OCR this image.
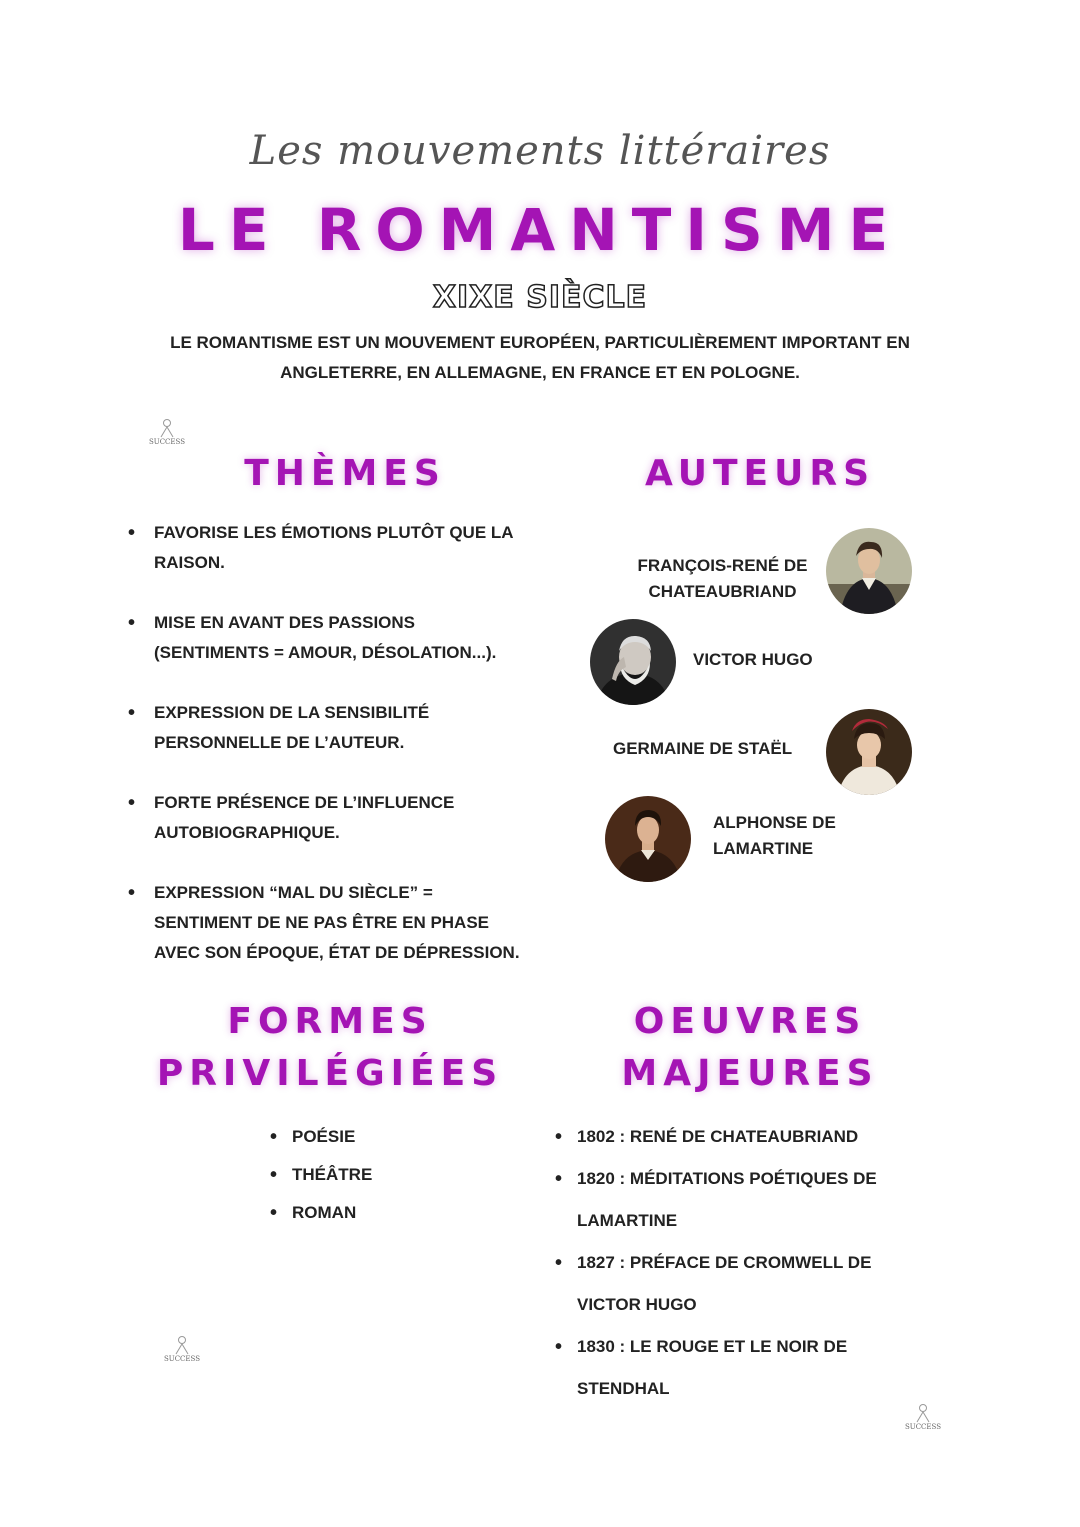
Les mouvements littéraires
LE ROMANTISME
XIXE SIÈCLE
LE ROMANTISME EST UN MOUVEMENT EUROPÉEN, PARTICULIÈREMENT IMPORTANT EN
ANGLETERRE, EN ALLEMAGNE, EN FRANCE ET EN POLOGNE.
SUCCESS
SUCCESS
SUCCESS
THÈMES
• FAVORISE LES ÉMOTIONS PLUTÔT QUE LA
RAISON.
• MISE EN AVANT DES PASSIONS
(SENTIMENTS = AMOUR, DÉSOLATION...).
• EXPRESSION DE LA SENSIBILITÉ
PERSONNELLE DE L’AUTEUR.
• FORTE PRÉSENCE DE L’INFLUENCE
AUTOBIOGRAPHIQUE.
• EXPRESSION “MAL DU SIÈCLE” =
SENTIMENT DE NE PAS ÊTRE EN PHASE
AVEC SON ÉPOQUE, ÉTAT DE DÉPRESSION.
AUTEURS
FRANÇOIS-RENÉ DE
CHATEAUBRIAND
VICTOR HUGO
GERMAINE DE STAËL
ALPHONSE DE
LAMARTINE
FORMES
PRIVILÉGIÉES
• POÉSIE
• THÉÂTRE
• ROMAN
OEUVRES
MAJEURES
• 1802 : RENÉ DE CHATEAUBRIAND
• 1820 : MÉDITATIONS POÉTIQUES DE
LAMARTINE
• 1827 : PRÉFACE DE CROMWELL DE
VICTOR HUGO
• 1830 : LE ROUGE ET LE NOIR DE
STENDHAL
